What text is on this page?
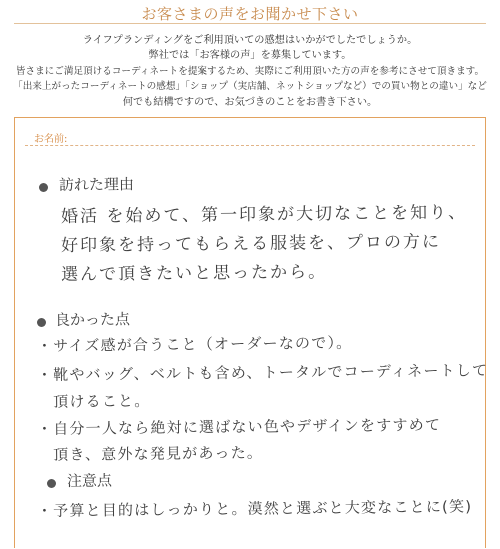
お客さまの声をお聞かせ下さい
ライフプランディングをご利用頂いての感想はいかがでしたでしょうか。
弊社では「お客様の声」を募集しています。
皆さまにご満足頂けるコーディネートを提案するため、実際にご利用頂いた方の声を参考にさせて頂きます。
「出来上がったコーディネートの感想」「ショップ（実店舗、ネットショップなど）での買い物との違い」など
何でも結構ですので、お気づきのことをお書き下さい。
お名前:
訪れた理由
婚活 を始めて、第一印象が大切なことを知り、
好印象を持ってもらえる服装を、プロの方に
選んで頂きたいと思ったから。
良かった点
・サイズ感が合うこと（オーダーなので）。
・靴やバッグ、ベルトも含め、トータルでコーディネートして
　頂けること。
・自分一人なら絶対に選ばない色やデザインをすすめて
　頂き、意外な発見があった。
注意点
・予算と目的はしっかりと。漠然と選ぶと大変なことに(笑)
